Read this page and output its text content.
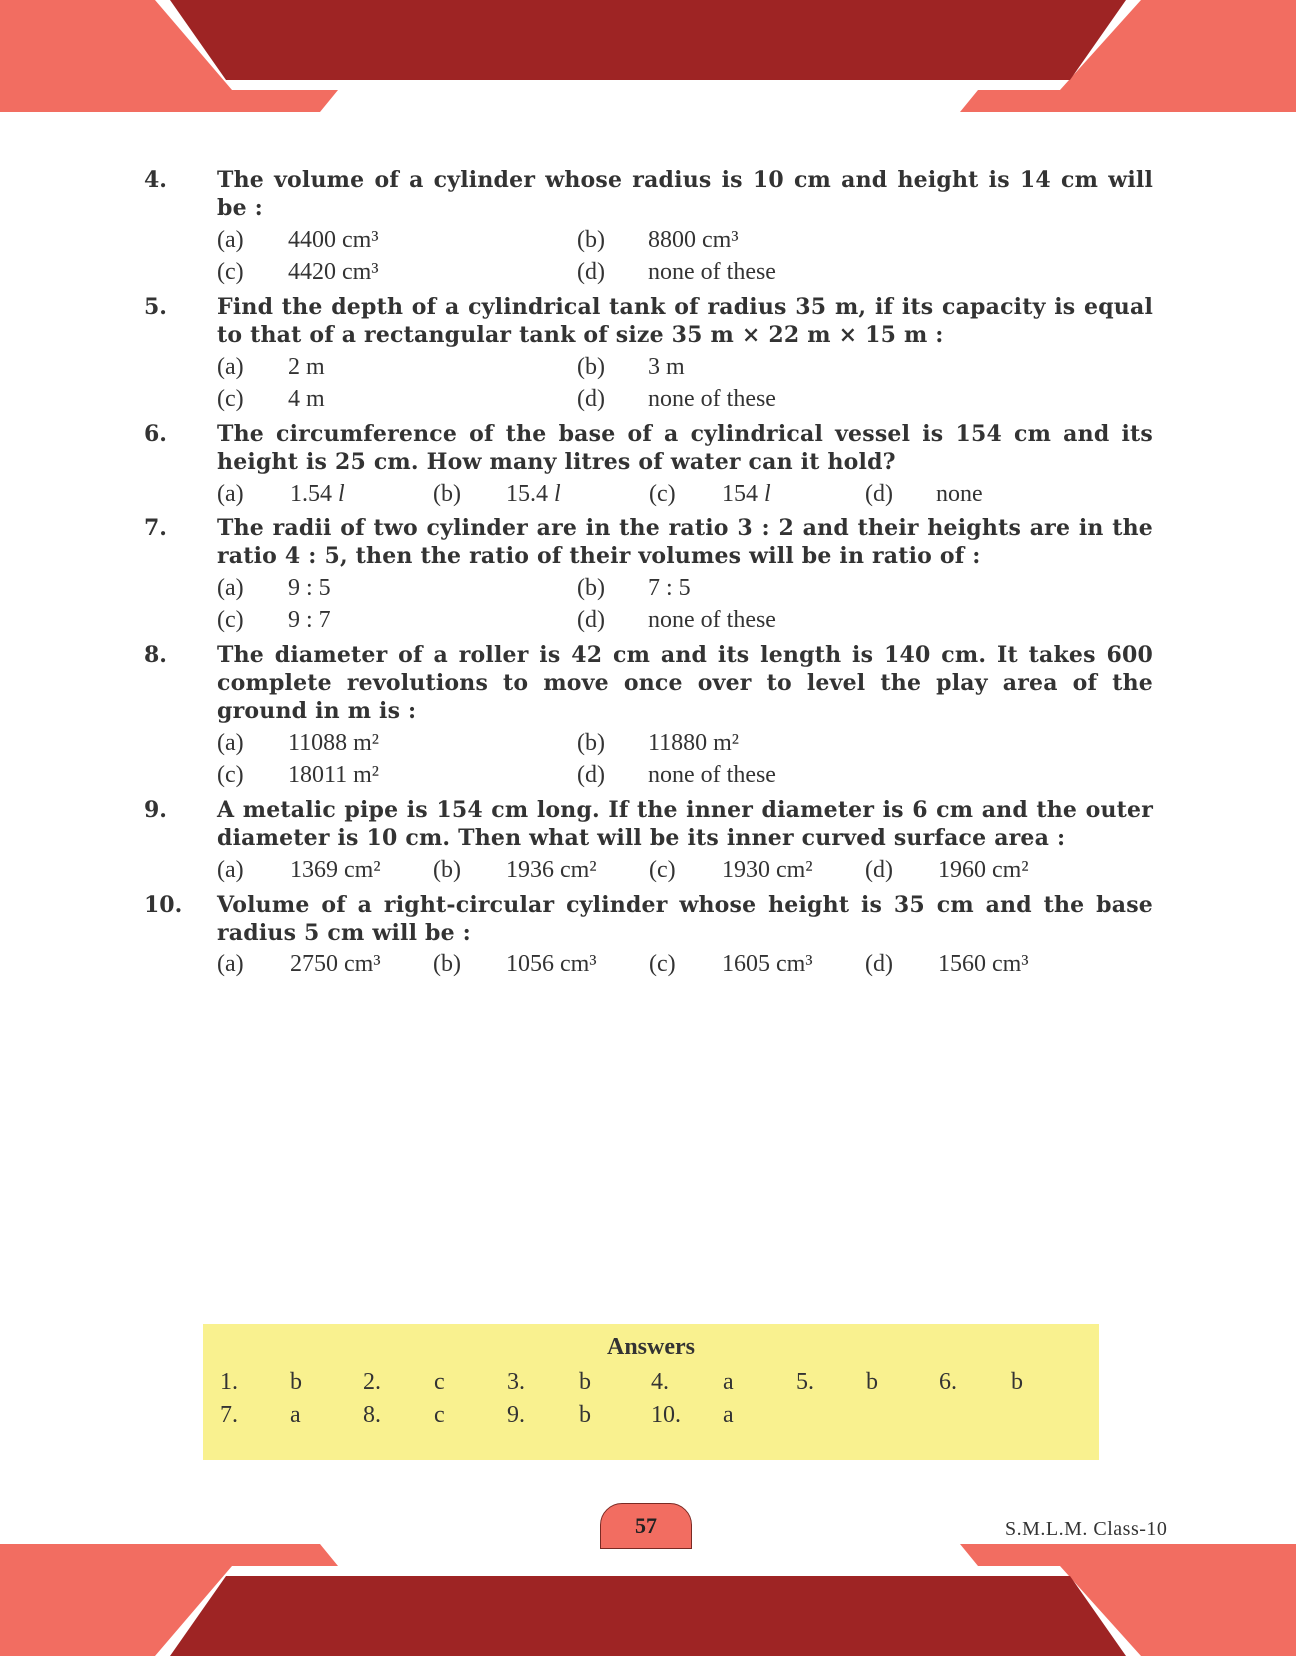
4.	The volume of a cylinder whose radius is 10 cm and height is 14 cm will be :
(a) 4400 cm³	(b) 8800 cm³
(c) 4420 cm³	(d) none of these
5.	Find the depth of a cylindrical tank of radius 35 m, if its capacity is equal to that of a rectangular tank of size 35 m × 22 m × 15 m :
(a) 2 m	(b) 3 m
(c) 4 m	(d) none of these
6.	The circumference of the base of a cylindrical vessel is 154 cm and its height is 25 cm. How many litres of water can it hold?
(a) 1.54 l	(b) 15.4 l	(c) 154 l	(d) none
7.	The radii of two cylinder are in the ratio 3 : 2 and their heights are in the ratio 4 : 5, then the ratio of their volumes will be in ratio of :
(a) 9 : 5	(b) 7 : 5
(c) 9 : 7	(d) none of these
8.	The diameter of a roller is 42 cm and its length is 140 cm. It takes 600 complete revolutions to move once over to level the play area of the ground in m is :
(a) 11088 m²	(b) 11880 m²
(c) 18011 m²	(d) none of these
9.	A metalic pipe is 154 cm long. If the inner diameter is 6 cm and the outer diameter is 10 cm. Then what will be its inner curved surface area :
(a) 1369 cm² (b) 1936 cm² (c) 1930 cm² (d) 1960 cm²
10.	Volume of a right-circular cylinder whose height is 35 cm and the base radius 5 cm will be :
(a) 2750 cm³ (b) 1056 cm³ (c) 1605 cm³ (d) 1560 cm³
Answers
1. b	2. c	3. b	4. a	5. b	6. b
7. a	8. c	9. b	10. a
57	S.M.L.M. Class-10
